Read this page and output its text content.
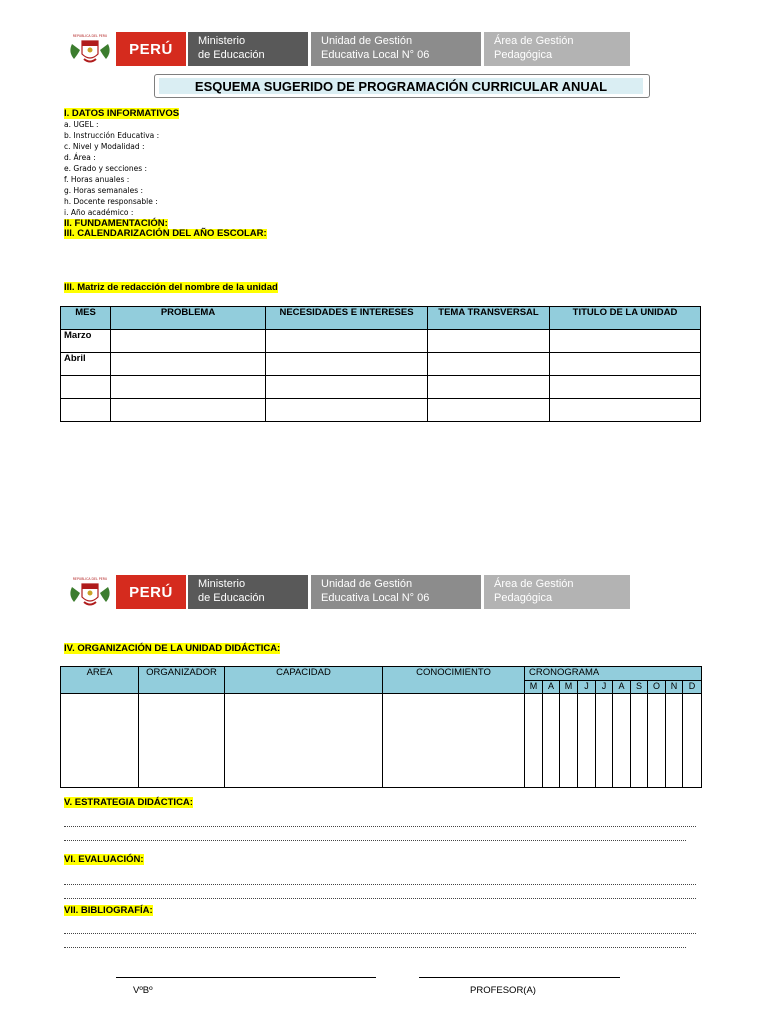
REPUBLICA DEL PERU
PERÚ	Ministerio
de Educación
Unidad de Gestión
Educativa Local N° 06
Área de Gestión
Pedagógica
ESQUEMA SUGERIDO DE PROGRAMACIÓN CURRICULAR ANUAL
I. DATOS INFORMATIVOS
a. UGEL :
b. Instrucción Educativa :
c. Nivel y Modalidad :
d. Área :
e. Grado y secciones :
f. Horas anuales :
g. Horas semanales :
h. Docente responsable :
i. Año académico :
II. FUNDAMENTACIÓN:
III. CALENDARIZACIÓN DEL AÑO ESCOLAR:
III. Matriz de redacción del nombre de la unidad
MES	PROBLEMA	NECESIDADES E INTERESES	TEMA TRANSVERSAL	TITULO DE LA UNIDAD
Marzo				
Abril				

REPUBLICA DEL PERU
PERÚ	Ministerio
de Educación
Unidad de Gestión
Educativa Local N° 06
Área de Gestión
Pedagógica
IV. ORGANIZACIÓN DE LA UNIDAD DIDÁCTICA:
AREA	ORGANIZADOR	CAPACIDAD	CONOCIMIENTO	CRONOGRAMA									
				M	A	M	J	J	A	S	O	N	D

V. ESTRATEGIA DIDÁCTICA:
VI. EVALUACIÓN:
VII. BIBLIOGRAFÍA:
VºBº	PROFESOR(A)
